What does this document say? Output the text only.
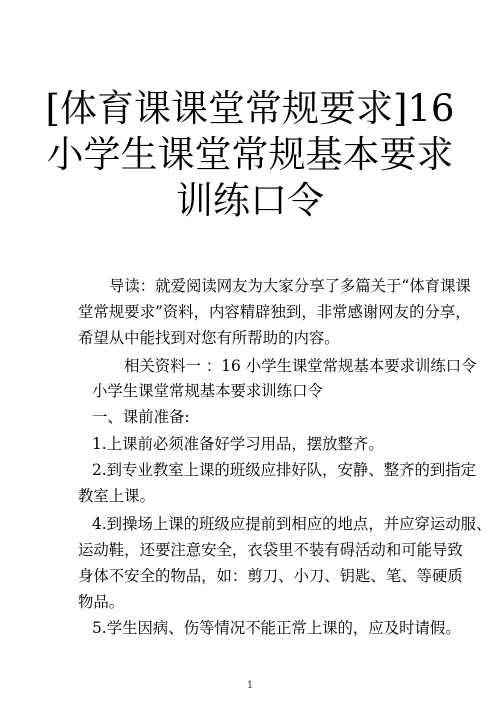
[体育课课堂常规要求]16
小学生课堂常规基本要求
训练口令

导读：就爱阅读网友为大家分享了多篇关于“体育课课

堂常规要求”资料，内容精辟独到，非常感谢网友的分享，

希望从中能找到对您有所帮助的内容。

相关资料一 ：16 小学生课堂常规基本要求训练口令

小学生课堂常规基本要求训练口令

一、课前准备:

1.上课前必须准备好学习用品，摆放整齐。

2.到专业教室上课的班级应排好队，安静、整齐的到指定

教室上课。

4.到操场上课的班级应提前到相应的地点，并应穿运动服、

运动鞋，还要注意安全，衣袋里不装有碍活动和可能导致

身体不安全的物品，如：剪刀、小刀、钥匙、笔、等硬质

物品。

5.学生因病、伤等情况不能正常上课的，应及时请假。

1
